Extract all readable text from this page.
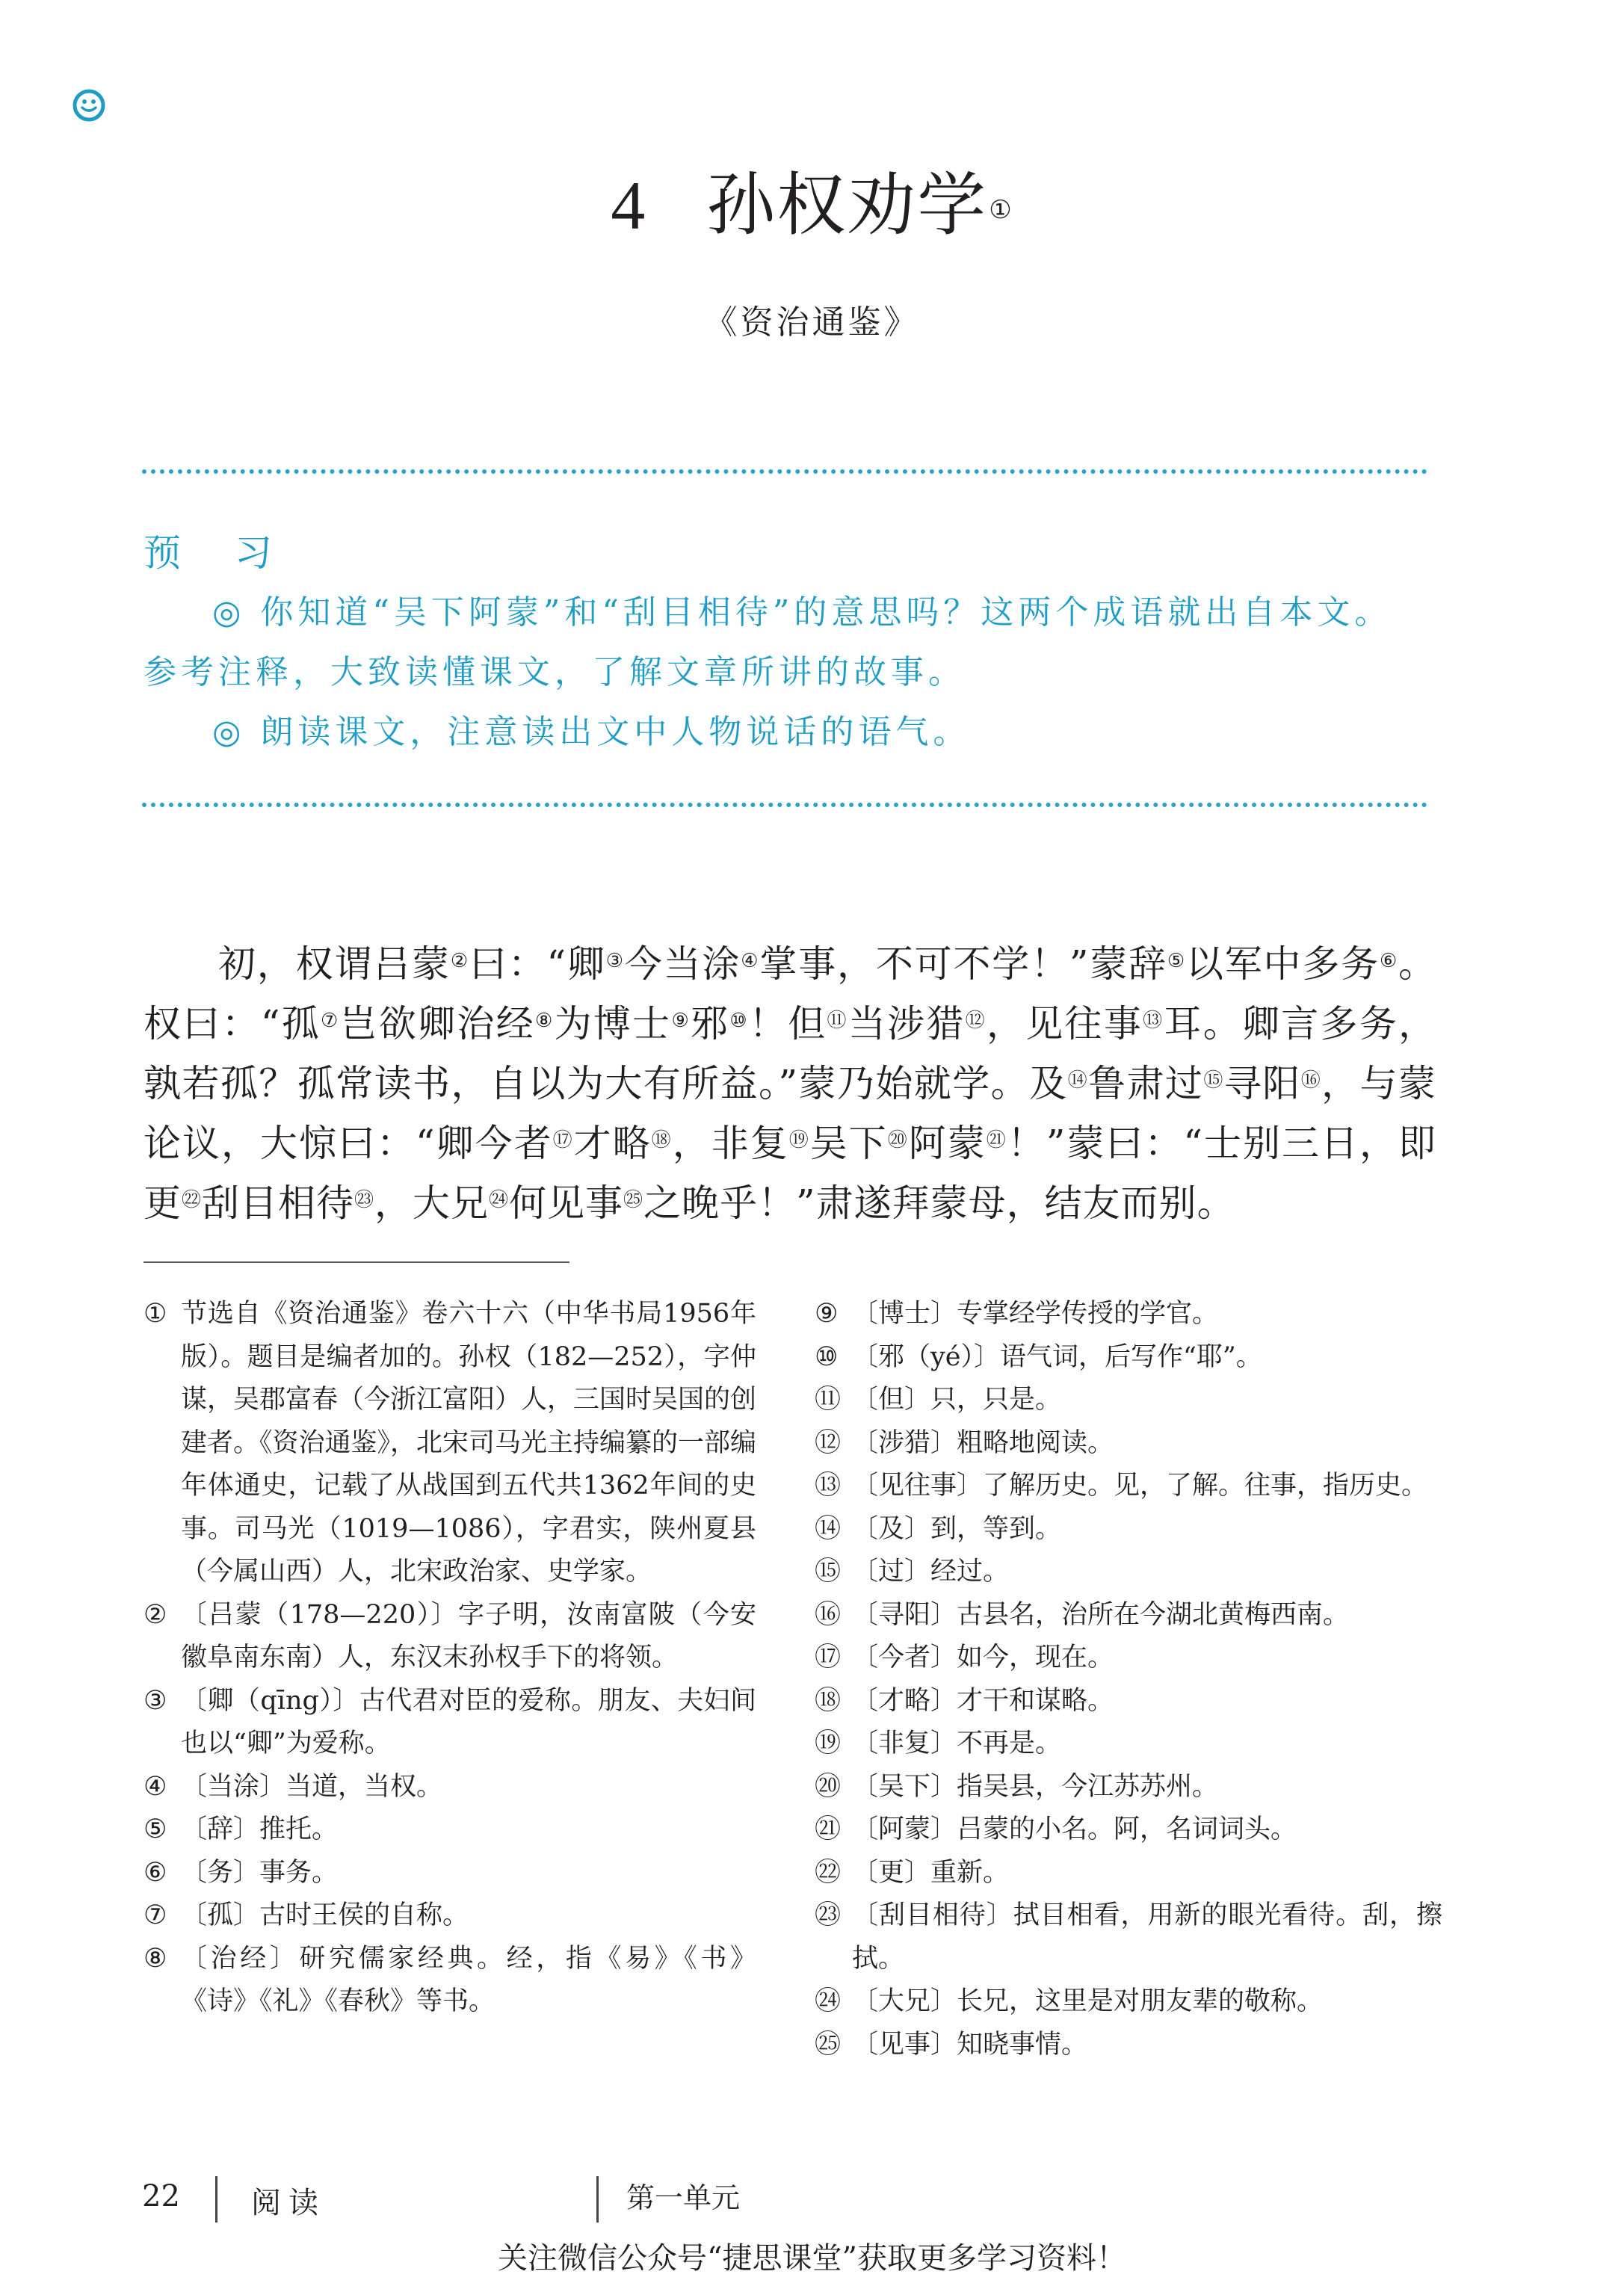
4 孙权劝学①
《资治通鉴》
预 习

◎ 你知道“吴下阿蒙”和“刮目相待”的意思吗？这两个成语就出自本文。参考注释，大致读懂课文，了解文章所讲的故事。

◎ 朗读课文，注意读出文中人物说话的语气。

初，权谓吕蒙②曰：“卿③今当涂④掌事，不可不学！”蒙辞⑤以军中多务⑥。权曰：“孤⑦岂欲卿治经⑧为博士⑨邪⑩！但⑪当涉猎⑫，见往事⑬耳。卿言多务，孰若孤？孤常读书，自以为大有所益。”蒙乃始就学。及⑭鲁肃过⑮寻阳⑯，与蒙论议，大惊曰：“卿今者⑰才略⑱，非复⑲吴下⑳阿蒙$^㉑$！”蒙曰：“士别三日，即更$^㉒$刮目相待$^㉓$，大兄$^㉔$何见事$^㉕$之晚乎！”肃遂拜蒙母，结友而别。

① 节选自《资治通鉴》卷六十六（中华书局1956年版）。题目是编者加的。孙权（182—252），字仲谋，吴郡富春（今浙江富阳）人，三国时吴国的创建者。《资治通鉴》，北宋司马光主持编纂的一部编年体通史，记载了从战国到五代共1362年间的史事。司马光（1019—1086），字君实，陕州夏县（今属山西）人，北宋政治家、史学家。
② 〔吕蒙（178—220）〕字子明，汝南富陂（今安徽阜南东南）人，东汉末孙权手下的将领。
③ 〔卿（qīng）〕古代君对臣的爱称。朋友、夫妇间也以“卿”为爱称。
④ 〔当涂〕当道，当权。
⑤ 〔辞〕推托。
⑥ 〔务〕事务。
⑦ 〔孤〕古时王侯的自称。
⑧ 〔治经〕研究儒家经典。经，指《易》《书》《诗》《礼》《春秋》等书。
⑨ 〔博士〕专掌经学传授的学官。
⑩ 〔邪（yé）〕语气词，后写作“耶”。
⑪ 〔但〕只，只是。
⑫ 〔涉猎〕粗略地阅读。
⑬ 〔见往事〕了解历史。见，了解。往事，指历史。
⑭ 〔及〕到，等到。
⑮ 〔过〕经过。
⑯ 〔寻阳〕古县名，治所在今湖北黄梅西南。
⑰ 〔今者〕如今，现在。
⑱ 〔才略〕才干和谋略。
⑲ 〔非复〕不再是。
⑳ 〔吴下〕指吴县，今江苏苏州。
㉑ 〔阿蒙〕吕蒙的小名。阿，名词词头。
㉒ 〔更〕重新。
㉓ 〔刮目相待〕拭目相看，用新的眼光看待。刮，擦拭。
㉔ 〔大兄〕长兄，这里是对朋友辈的敬称。
㉕ 〔见事〕知晓事情。
22 阅读	第一单元
关注微信公众号“捷思课堂”获取更多学习资料！
